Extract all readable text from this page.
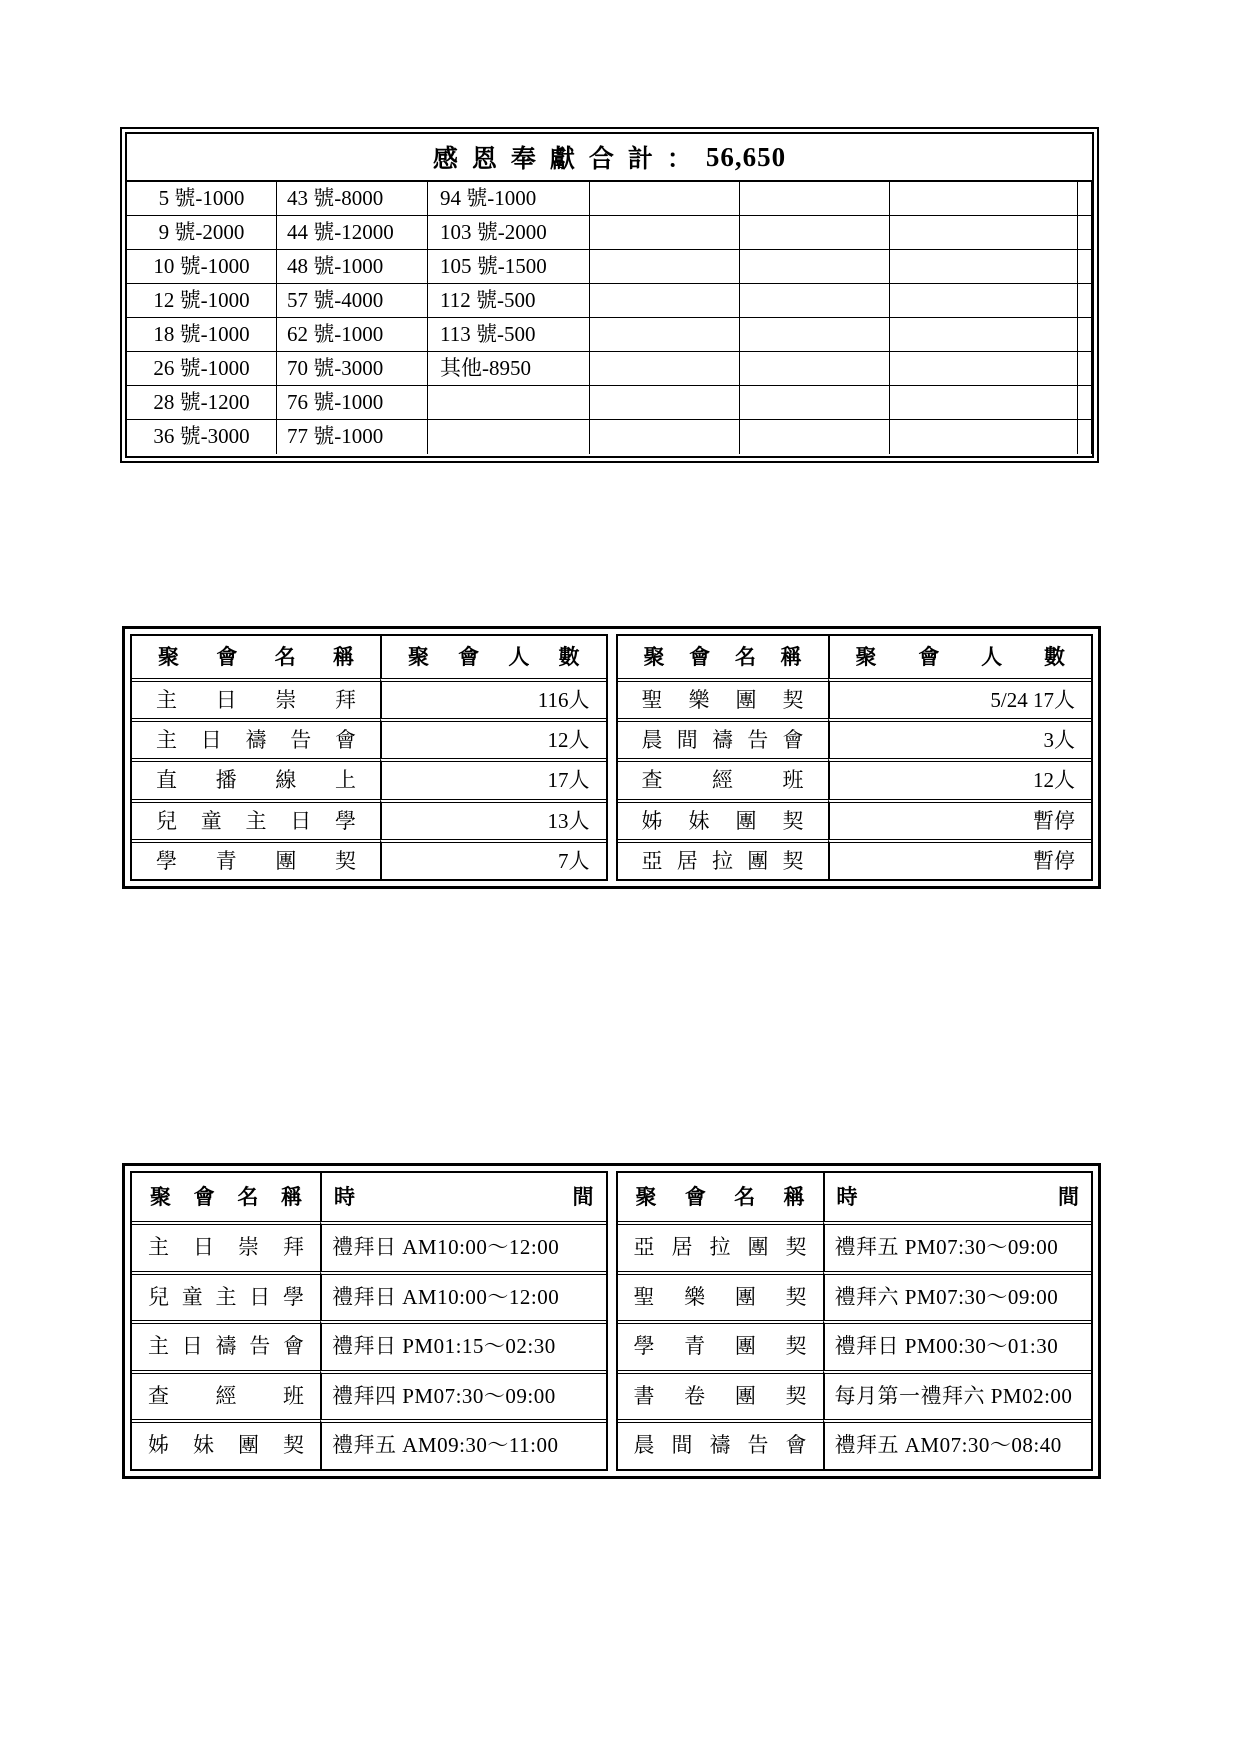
感恩奉獻合計： 56,650
5 號-1000	43 號-8000	94 號-1000
9 號-2000	44 號-12000	103 號-2000
10 號-1000	48 號-1000	105 號-1500
12 號-1000	57 號-4000	112 號-500
18 號-1000	62 號-1000	113 號-500
26 號-1000	70 號-3000	其他-8950
28 號-1200	76 號-1000
36 號-3000	77 號-1000
聚會名稱	聚會人數
主日崇拜	116人
主日禱告會	12人
直播線上	17人
兒童主日學	13人
學青團契	7人
聚會名稱	聚會人數
聖樂團契	5/24 17人
晨間禱告會	3人
查經班	12人
姊妹團契	暫停
亞居拉團契	暫停
聚會名稱	時間
主日崇拜	禮拜日 AM10:00～12:00
兒童主日學	禮拜日 AM10:00～12:00
主日禱告會	禮拜日 PM01:15～02:30
查經班	禮拜四 PM07:30～09:00
姊妹團契	禮拜五 AM09:30～11:00
聚會名稱	時間
亞居拉團契	禮拜五 PM07:30～09:00
聖樂團契	禮拜六 PM07:30～09:00
學青團契	禮拜日 PM00:30～01:30
書卷團契	每月第一禮拜六 PM02:00
晨間禱告會	禮拜五 AM07:30～08:40
